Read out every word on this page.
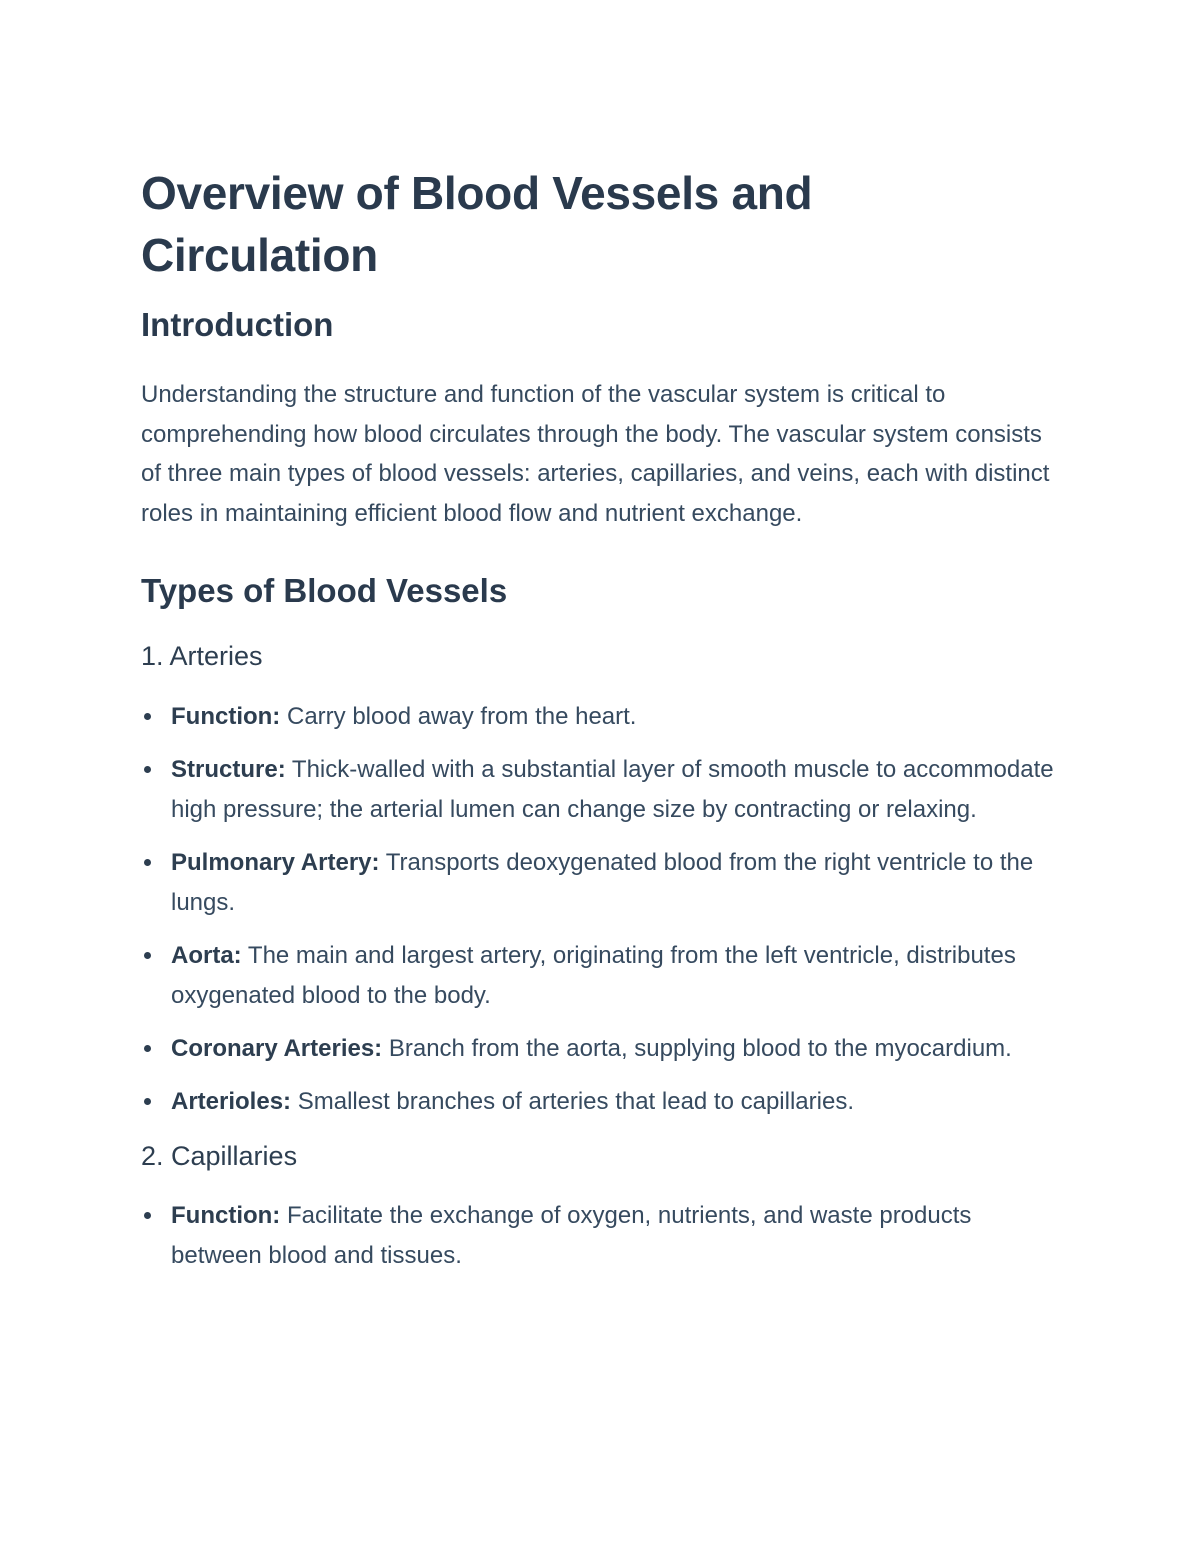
Overview of Blood Vessels and Circulation
Introduction

Understanding the structure and function of the vascular system is critical to comprehending how blood circulates through the body. The vascular system consists of three main types of blood vessels: arteries, capillaries, and veins, each with distinct roles in maintaining efficient blood flow and nutrient exchange.

Types of Blood Vessels
1. Arteries
Function: Carry blood away from the heart.
Structure: Thick-walled with a substantial layer of smooth muscle to accommodate high pressure; the arterial lumen can change size by contracting or relaxing.
Pulmonary Artery: Transports deoxygenated blood from the right ventricle to the lungs.
Aorta: The main and largest artery, originating from the left ventricle, distributes oxygenated blood to the body.
Coronary Arteries: Branch from the aorta, supplying blood to the myocardium.
Arterioles: Smallest branches of arteries that lead to capillaries.
2. Capillaries
Function: Facilitate the exchange of oxygen, nutrients, and waste products between blood and tissues.
